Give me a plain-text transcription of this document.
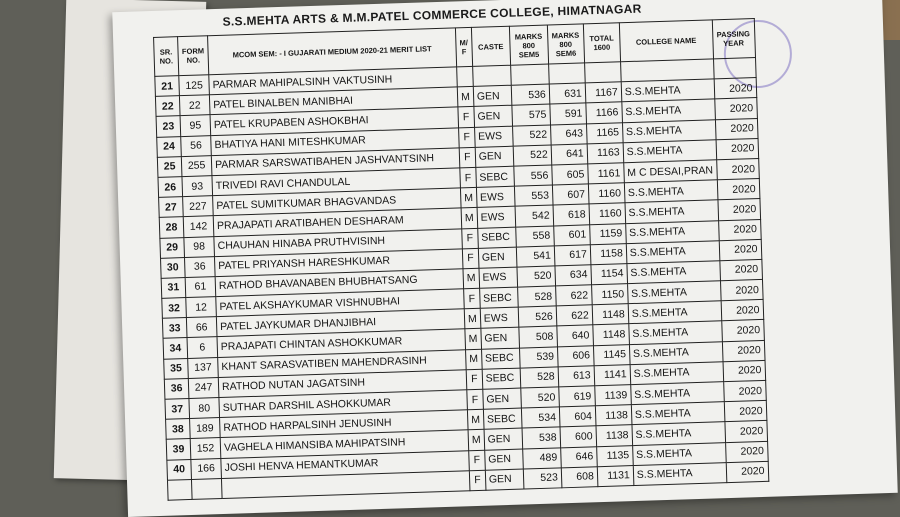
S.S.MEHTA ARTS & M.M.PATEL COMMERCE COLLEGE, HIMATNAGAR
SR. NO.	FORM NO.	MCOM SEM: - I GUJARATI MEDIUM 2020-21 MERIT LIST	M/ F	CASTE	MARKS 800 SEM5	MARKS 800 SEM6	TOTAL 1600	COLLEGE NAME	PASSING YEAR
21	125	PARMAR MAHIPALSINH VAKTUSINH							
22	22	PATEL BINALBEN MANIBHAI	M	GEN	536	631	1167	S.S.MEHTA	2020
23	95	PATEL KRUPABEN ASHOKBHAI	F	GEN	575	591	1166	S.S.MEHTA	2020
24	56	BHATIYA HANI MITESHKUMAR	F	EWS	522	643	1165	S.S.MEHTA	2020
25	255	PARMAR SARSWATIBAHEN JASHVANTSINH	F	GEN	522	641	1163	S.S.MEHTA	2020
26	93	TRIVEDI RAVI CHANDULAL	F	SEBC	556	605	1161	M C DESAI,PRAN	2020
27	227	PATEL SUMITKUMAR BHAGVANDAS	M	EWS	553	607	1160	S.S.MEHTA	2020
28	142	PRAJAPATI ARATIBAHEN DESHARAM	M	EWS	542	618	1160	S.S.MEHTA	2020
29	98	CHAUHAN HINABA PRUTHVISINH	F	SEBC	558	601	1159	S.S.MEHTA	2020
30	36	PATEL PRIYANSH HARESHKUMAR	F	GEN	541	617	1158	S.S.MEHTA	2020
31	61	RATHOD BHAVANABEN BHUBHATSANG	M	EWS	520	634	1154	S.S.MEHTA	2020
32	12	PATEL AKSHAYKUMAR VISHNUBHAI	F	SEBC	528	622	1150	S.S.MEHTA	2020
33	66	PATEL JAYKUMAR DHANJIBHAI	M	EWS	526	622	1148	S.S.MEHTA	2020
34	6	PRAJAPATI CHINTAN ASHOKKUMAR	M	GEN	508	640	1148	S.S.MEHTA	2020
35	137	KHANT SARASVATIBEN MAHENDRASINH	M	SEBC	539	606	1145	S.S.MEHTA	2020
36	247	RATHOD NUTAN JAGATSINH	F	SEBC	528	613	1141	S.S.MEHTA	2020
37	80	SUTHAR DARSHIL ASHOKKUMAR	F	GEN	520	619	1139	S.S.MEHTA	2020
38	189	RATHOD HARPALSINH JENUSINH	M	SEBC	534	604	1138	S.S.MEHTA	2020
39	152	VAGHELA HIMANSIBA MAHIPATSINH	M	GEN	538	600	1138	S.S.MEHTA	2020
40	166	JOSHI HENVA HEMANTKUMAR	F	GEN	489	646	1135	S.S.MEHTA	2020
			F	GEN	523	608	1131	S.S.MEHTA	2020
